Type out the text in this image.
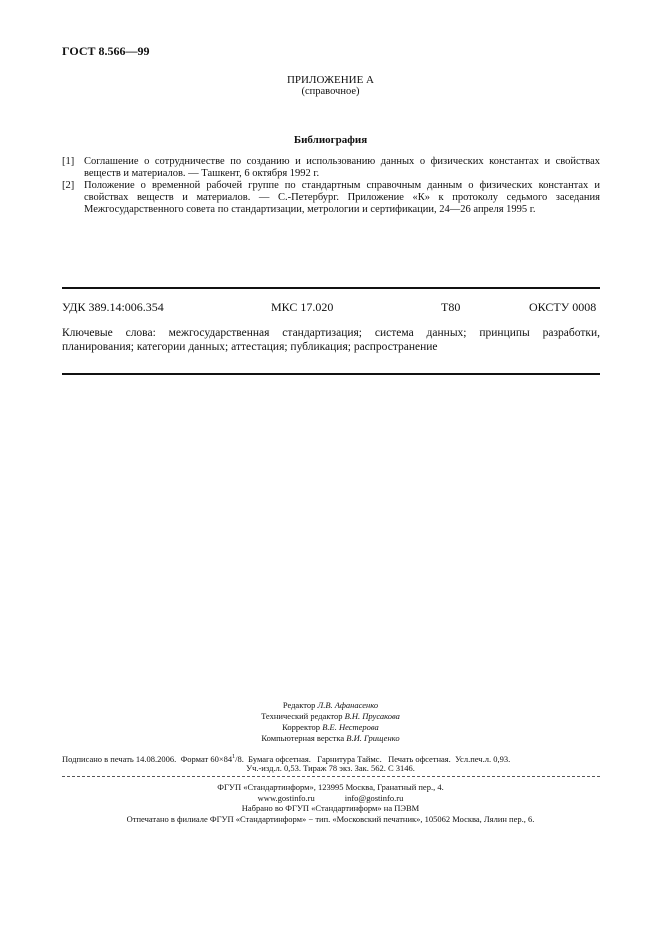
ГОСТ 8.566—99
ПРИЛОЖЕНИЕ А
(справочное)
Библиография
[1] Соглашение о сотрудничестве по созданию и использованию данных о физических константах и свойствах веществ и материалов. — Ташкент, 6 октября 1992 г.
[2] Положение о временной рабочей группе по стандартным справочным данным о физических константах и свойствах веществ и материалов. — С.-Петербург. Приложение «К» к протоколу седьмого заседания Межгосударственного совета по стандартизации, метрологии и сертификации, 24—26 апреля 1995 г.
УДК 389.14:006.354	МКС 17.020	Т80	ОКСТУ 0008
Ключевые слова: межгосударственная стандартизация; система данных; принципы разработки, планирования; категории данных; аттестация; публикация; распространение
Редактор Л.В. Афанасенко
Технический редактор В.Н. Прусакова
Корректор В.Е. Нестерова
Компьютерная верстка В.И. Грищенко
Подписано в печать 14.08.2006. Формат $60\times 84^1/8$. Бумага офсетная. Гарнитура Таймс. Печать офсетная. Усл.печ.л. 0,93.
Уч.-изд.л. 0,53. Тираж 78 экз. Зак. 562. С 3146.
ФГУП «Стандартинформ», 123995 Москва, Гранатный пер., 4.
www.gostinfo.ru	info@gostinfo.ru
Набрано во ФГУП «Стандартинформ» на ПЭВМ
Отпечатано в филиале ФГУП «Стандартинформ» − тип. «Московский печатник», 105062 Москва, Лялин пер., 6.
